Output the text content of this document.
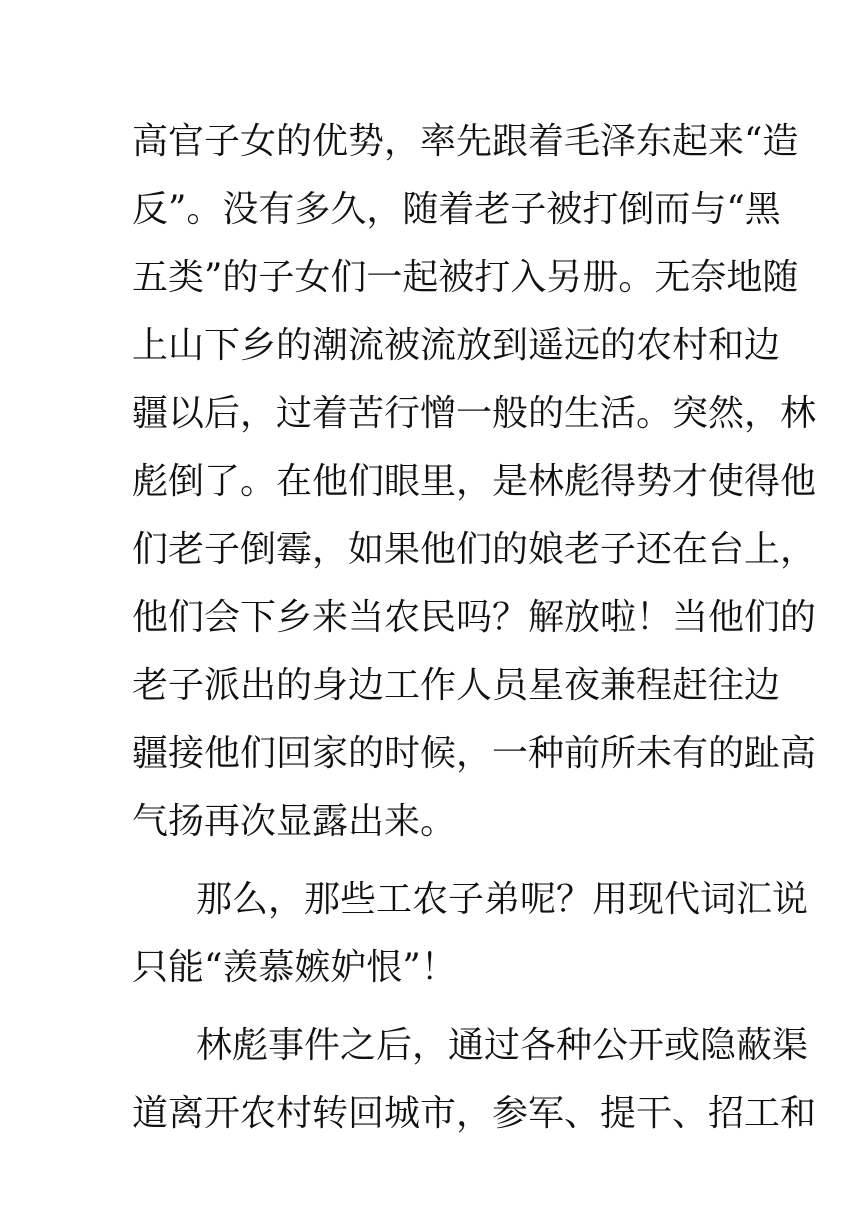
高官子女的优势，率先跟着毛泽东起来“造
反”。没有多久，随着老子被打倒而与“黑
五类”的子女们一起被打入另册。无奈地随
上山下乡的潮流被流放到遥远的农村和边
疆以后，过着苦行憎一般的生活。突然，林
彪倒了。在他们眼里，是林彪得势才使得他
们老子倒霉，如果他们的娘老子还在台上，
他们会下乡来当农民吗？解放啦！当他们的
老子派出的身边工作人员星夜兼程赶往边
疆接他们回家的时候，一种前所未有的趾高
气扬再次显露出来。
那么，那些工农子弟呢？用现代词汇说
只能“羡慕嫉妒恨”！
林彪事件之后，通过各种公开或隐蔽渠
道离开农村转回城市，参军、提干、招工和
